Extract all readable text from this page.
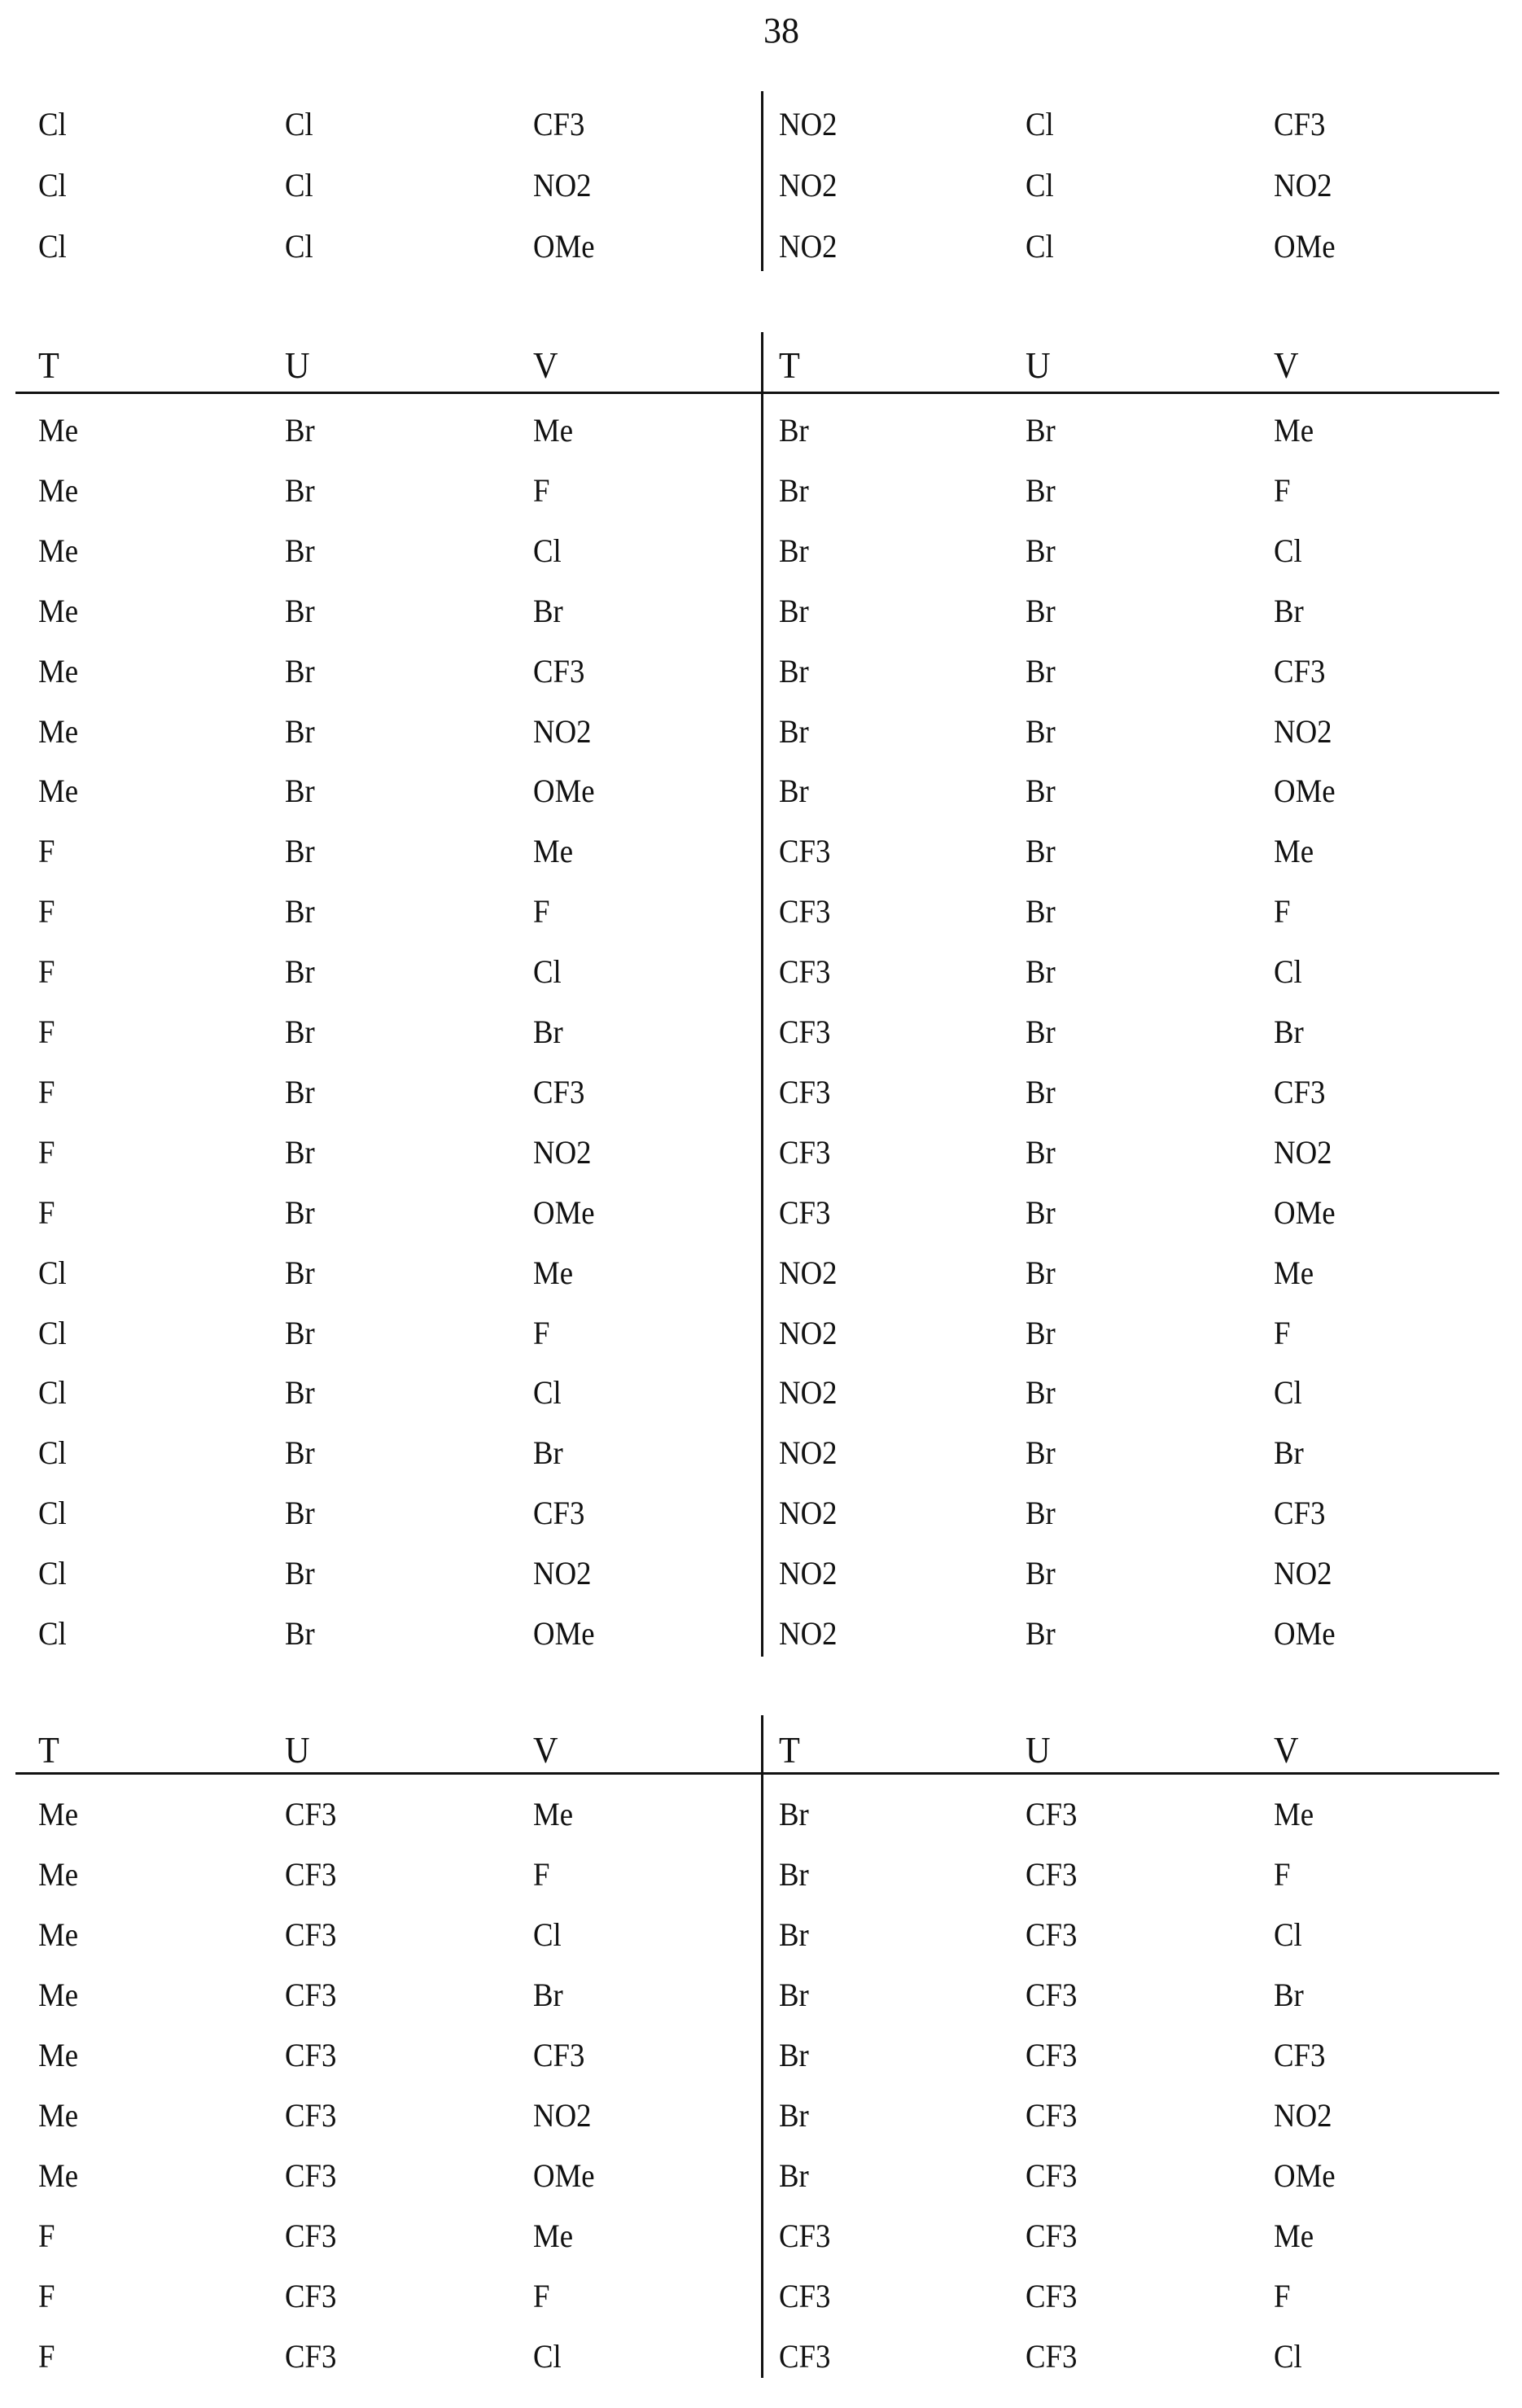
38
Cl	Cl	CF3	NO2	Cl	CF3
Cl	Cl	NO2	NO2	Cl	NO2
Cl	Cl	OMe	NO2	Cl	OMe
T	U	V	T	U	V
Me	Br	Me	Br	Br	Me
Me	Br	F	Br	Br	F
Me	Br	Cl	Br	Br	Cl
Me	Br	Br	Br	Br	Br
Me	Br	CF3	Br	Br	CF3
Me	Br	NO2	Br	Br	NO2
Me	Br	OMe	Br	Br	OMe
F	Br	Me	CF3	Br	Me
F	Br	F	CF3	Br	F
F	Br	Cl	CF3	Br	Cl
F	Br	Br	CF3	Br	Br
F	Br	CF3	CF3	Br	CF3
F	Br	NO2	CF3	Br	NO2
F	Br	OMe	CF3	Br	OMe
Cl	Br	Me	NO2	Br	Me
Cl	Br	F	NO2	Br	F
Cl	Br	Cl	NO2	Br	Cl
Cl	Br	Br	NO2	Br	Br
Cl	Br	CF3	NO2	Br	CF3
Cl	Br	NO2	NO2	Br	NO2
Cl	Br	OMe	NO2	Br	OMe
T	U	V	T	U	V
Me	CF3	Me	Br	CF3	Me
Me	CF3	F	Br	CF3	F
Me	CF3	Cl	Br	CF3	Cl
Me	CF3	Br	Br	CF3	Br
Me	CF3	CF3	Br	CF3	CF3
Me	CF3	NO2	Br	CF3	NO2
Me	CF3	OMe	Br	CF3	OMe
F	CF3	Me	CF3	CF3	Me
F	CF3	F	CF3	CF3	F
F	CF3	Cl	CF3	CF3	Cl
